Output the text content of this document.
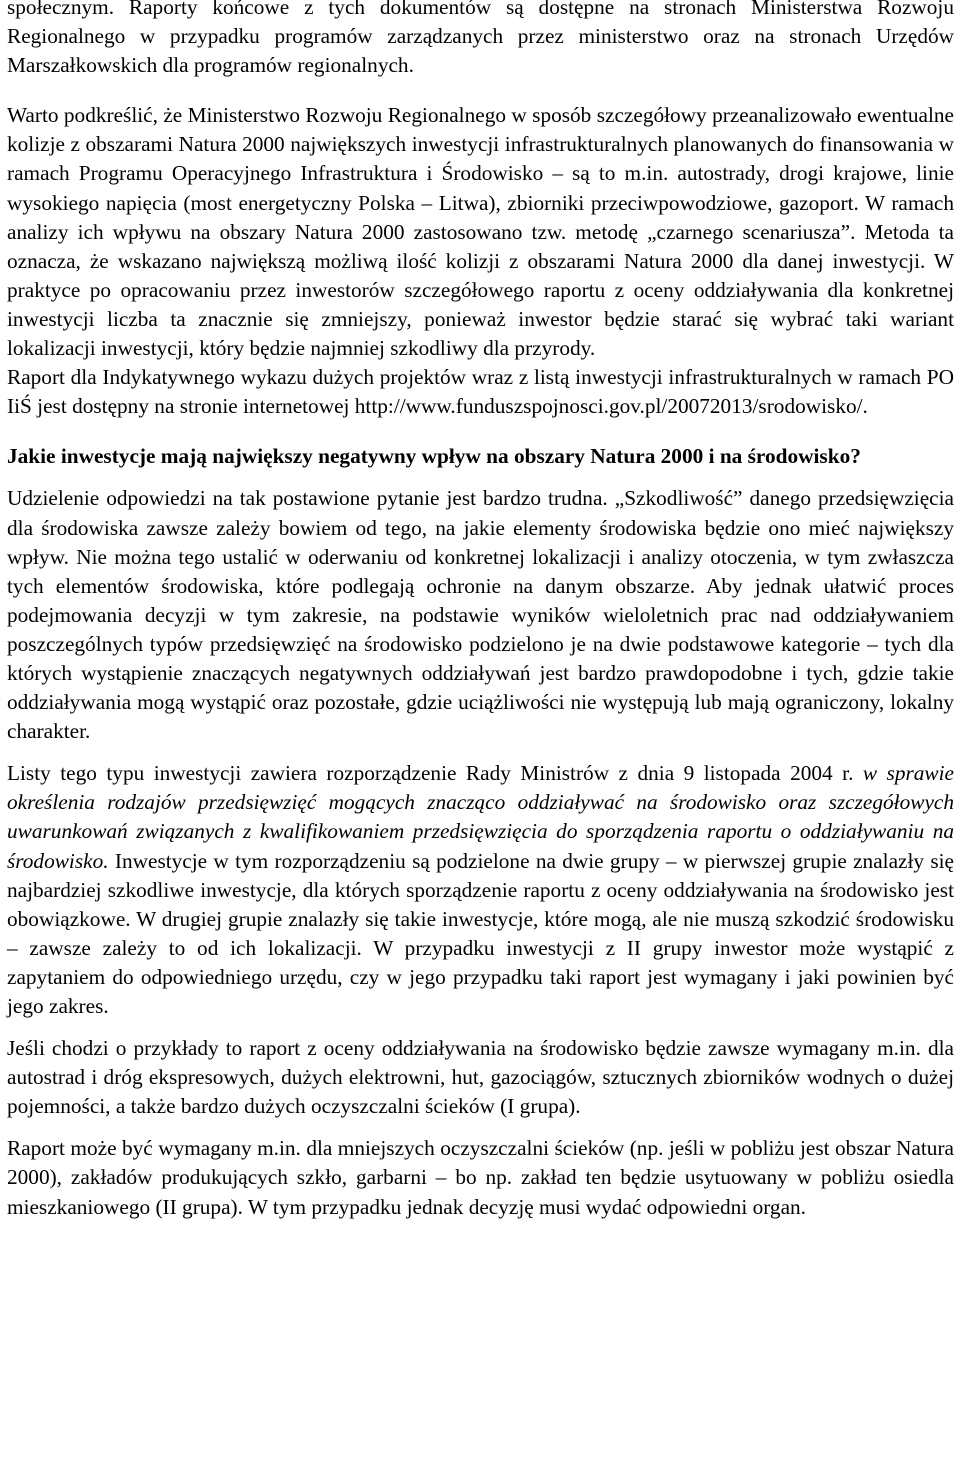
społecznym. Raporty końcowe z tych dokumentów są dostępne na stronach Ministerstwa Rozwoju Regionalnego w przypadku programów zarządzanych przez ministerstwo oraz na stronach Urzędów Marszałkowskich dla programów regionalnych.

Warto podkreślić, że Ministerstwo Rozwoju Regionalnego w sposób szczegółowy przeanalizowało ewentualne kolizje z obszarami Natura 2000 największych inwestycji infrastrukturalnych planowanych do finansowania w ramach Programu Operacyjnego Infrastruktura i Środowisko – są to m.in. autostrady, drogi krajowe, linie wysokiego napięcia (most energetyczny Polska – Litwa), zbiorniki przeciwpowodziowe, gazoport. W ramach analizy ich wpływu na obszary Natura 2000 zastosowano tzw. metodę „czarnego scenariusza”. Metoda ta oznacza, że wskazano największą możliwą ilość kolizji z obszarami Natura 2000 dla danej inwestycji. W praktyce po opracowaniu przez inwestorów szczegółowego raportu z oceny oddziaływania dla konkretnej inwestycji liczba ta znacznie się zmniejszy, ponieważ inwestor będzie starać się wybrać taki wariant lokalizacji inwestycji, który będzie najmniej szkodliwy dla przyrody.

Raport dla Indykatywnego wykazu dużych projektów wraz z listą inwestycji infrastrukturalnych w ramach PO IiŚ jest dostępny na stronie internetowej http://www.funduszspojnosci.gov.pl/20072013/srodowisko/.

Jakie inwestycje mają największy negatywny wpływ na obszary Natura 2000 i na środowisko?

Udzielenie odpowiedzi na tak postawione pytanie jest bardzo trudna. „Szkodliwość” danego przedsięwzięcia dla środowiska zawsze zależy bowiem od tego, na jakie elementy środowiska będzie ono mieć największy wpływ. Nie można tego ustalić w oderwaniu od konkretnej lokalizacji i analizy otoczenia, w tym zwłaszcza tych elementów środowiska, które podlegają ochronie na danym obszarze. Aby jednak ułatwić proces podejmowania decyzji w tym zakresie, na podstawie wyników wieloletnich prac nad oddziaływaniem poszczególnych typów przedsięwzięć na środowisko podzielono je na dwie podstawowe kategorie – tych dla których wystąpienie znaczących negatywnych oddziaływań jest bardzo prawdopodobne i tych, gdzie takie oddziaływania mogą wystąpić oraz pozostałe, gdzie uciążliwości nie występują lub mają ograniczony, lokalny charakter.

Listy tego typu inwestycji zawiera rozporządzenie Rady Ministrów z dnia 9 listopada 2004 r. w sprawie określenia rodzajów przedsięwzięć mogących znacząco oddziaływać na środowisko oraz szczegółowych uwarunkowań związanych z kwalifikowaniem przedsięwzięcia do sporządzenia raportu o oddziaływaniu na środowisko. Inwestycje w tym rozporządzeniu są podzielone na dwie grupy – w pierwszej grupie znalazły się najbardziej szkodliwe inwestycje, dla których sporządzenie raportu z oceny oddziaływania na środowisko jest obowiązkowe. W drugiej grupie znalazły się takie inwestycje, które mogą, ale nie muszą szkodzić środowisku – zawsze zależy to od ich lokalizacji. W przypadku inwestycji z II grupy inwestor może wystąpić z zapytaniem do odpowiedniego urzędu, czy w jego przypadku taki raport jest wymagany i jaki powinien być jego zakres.

Jeśli chodzi o przykłady to raport z oceny oddziaływania na środowisko będzie zawsze wymagany m.in. dla autostrad i dróg ekspresowych, dużych elektrowni, hut, gazociągów, sztucznych zbiorników wodnych o dużej pojemności, a także bardzo dużych oczyszczalni ścieków (I grupa).

Raport może być wymagany m.in. dla mniejszych oczyszczalni ścieków (np. jeśli w pobliżu jest obszar Natura 2000), zakładów produkujących szkło, garbarni – bo np. zakład ten będzie usytuowany w pobliżu osiedla mieszkaniowego (II grupa). W tym przypadku jednak decyzję musi wydać odpowiedni organ.
